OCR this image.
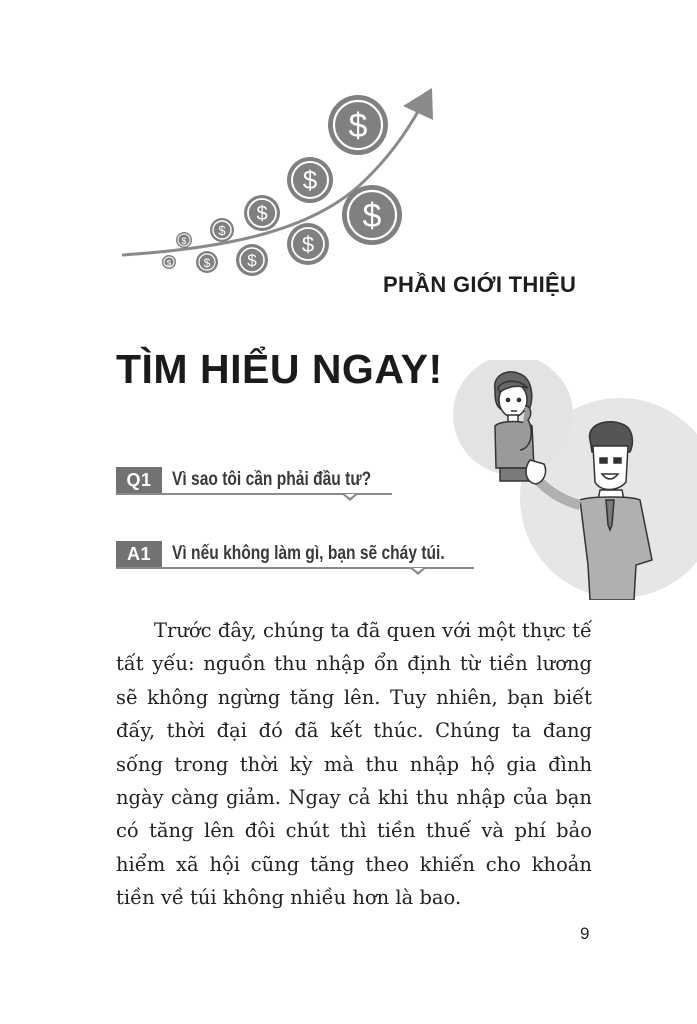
$
$
$
$
$
$
$
$
$
$
PHẦN GIỚI THIỆU
TÌM HIỂU NGAY!
Q1	Vì sao tôi cần phải đầu tư?
A1	Vì nếu không làm gì, bạn sẽ cháy túi.

Trước đây, chúng ta đã quen với một thực tế tất yếu: nguồn thu nhập ổn định từ tiền lương sẽ không ngừng tăng lên. Tuy nhiên, bạn biết đấy, thời đại đó đã kết thúc. Chúng ta đang sống trong thời kỳ mà thu nhập hộ gia đình ngày càng giảm. Ngay cả khi thu nhập của bạn có tăng lên đôi chút thì tiền thuế và phí bảo hiểm xã hội cũng tăng theo khiến cho khoản tiền về túi không nhiều hơn là bao.

9
